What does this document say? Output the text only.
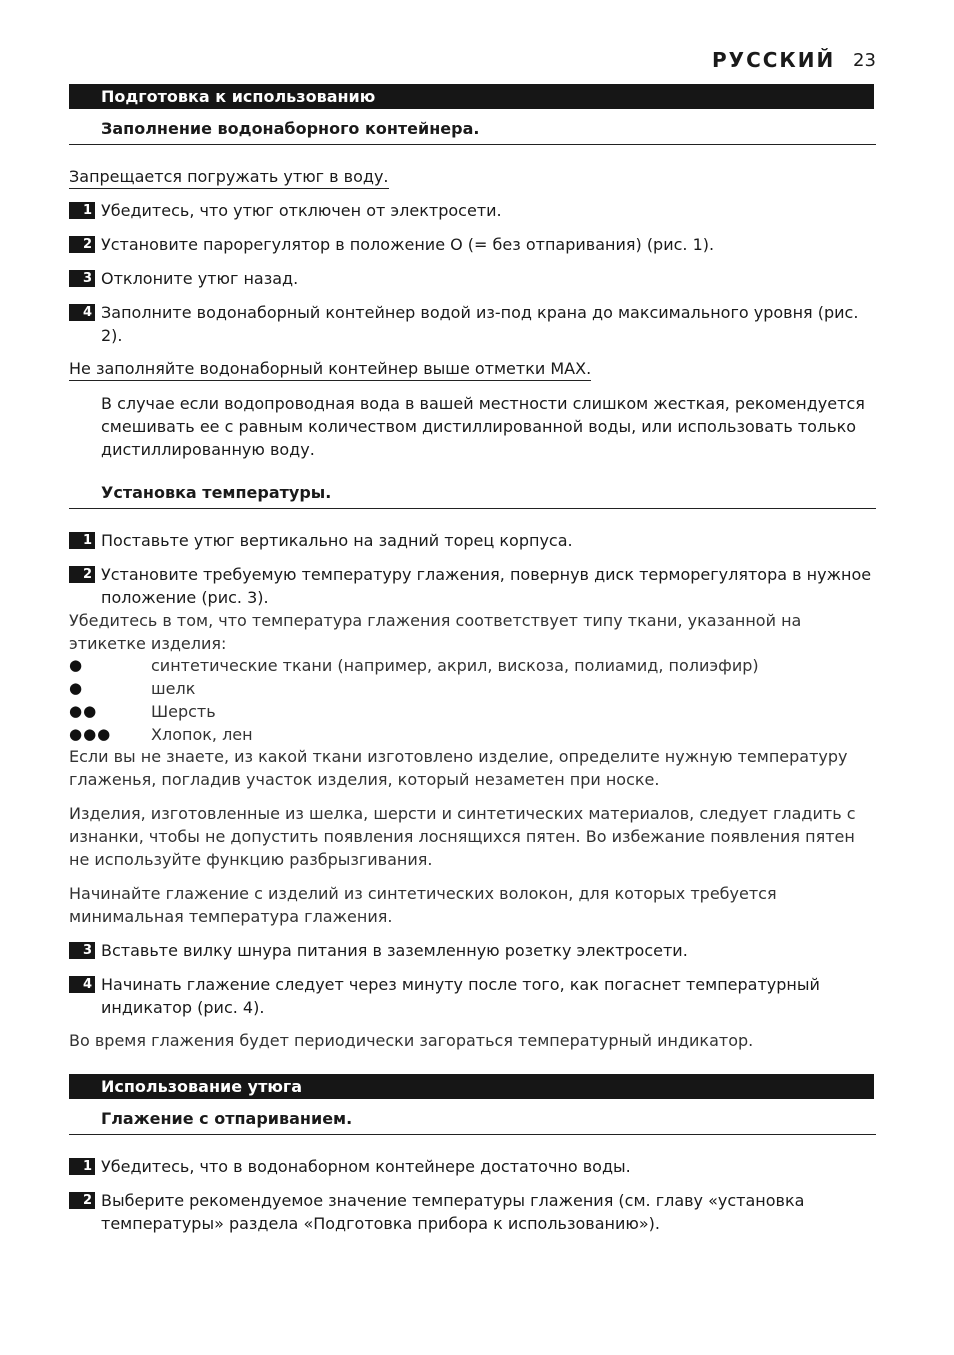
РУССКИЙ 23
Подготовка к использованию
Заполнение водонаборного контейнера.
Запрещается погружать утюг в воду.
1 Убедитесь, что утюг отключен от электросети.
2 Установите парорегулятор в положение O (= без отпаривания) (рис. 1).
3 Отклоните утюг назад.
4 Заполните водонаборный контейнер водой из-под крана до максимального уровня (рис. 2).
Не заполняйте водонаборный контейнер выше отметки MAX.
В случае если водопроводная вода в вашей местности слишком жесткая, рекомендуется смешивать ее с равным количеством дистиллированной воды, или использовать только дистиллированную воду.
Установка температуры.
1 Поставьте утюг вертикально на задний торец корпуса.
2 Установите требуемую температуру глажения, повернув диск терморегулятора в нужное положение (рис. 3).
Убедитесь в том, что температура глажения соответствует типу ткани, указанной на этикетке изделия:
●	синтетические ткани (например, акрил, вискоза, полиамид, полиэфир)
●	шелк
●●	Шерсть
●●●	Хлопок, лен
Если вы не знаете, из какой ткани изготовлено изделие, определите нужную температуру глаженья, погладив участок изделия, который незаметен при носке.
Изделия, изготовленные из шелка, шерсти и синтетических материалов, следует гладить с изнанки, чтобы не допустить появления лоснящихся пятен. Во избежание появления пятен не используйте функцию разбрызгивания.
Начинайте глажение с изделий из синтетических волокон, для которых требуется минимальная температура глажения.
3 Вставьте вилку шнура питания в заземленную розетку электросети.
4 Начинать глажение следует через минуту после того, как погаснет температурный индикатор (рис. 4).
Во время глажения будет периодически загораться температурный индикатор.
Использование утюга
Глажение с отпариванием.
1 Убедитесь, что в водонаборном контейнере достаточно воды.
2 Выберите рекомендуемое значение температуры глажения (см. главу «установка температуры» раздела «Подготовка прибора к использованию»).
